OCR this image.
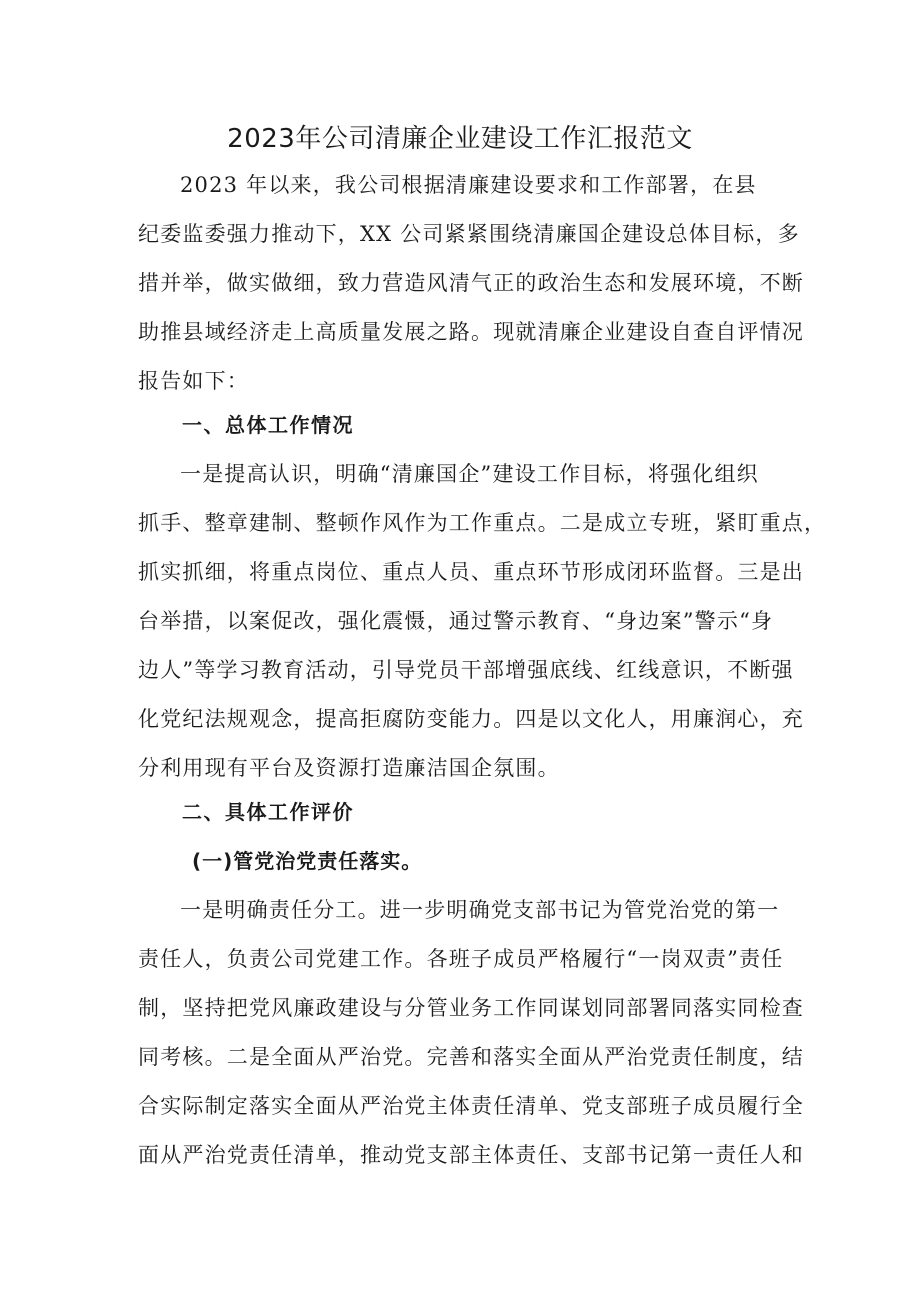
2023年公司清廉企业建设工作汇报范文
2023 年以来，我公司根据清廉建设要求和工作部署，在县
纪委监委强力推动下，XX 公司紧紧围绕清廉国企建设总体目标，多
措并举，做实做细，致力营造风清气正的政治生态和发展环境，不断
助推县域经济走上高质量发展之路。现就清廉企业建设自查自评情况
报告如下：
一、总体工作情况
一是提高认识，明确“清廉国企”建设工作目标，将强化组织
抓手、整章建制、整顿作风作为工作重点。二是成立专班，紧盯重点，
抓实抓细，将重点岗位、重点人员、重点环节形成闭环监督。三是出
台举措，以案促改，强化震慑，通过警示教育、“身边案”警示“身
边人”等学习教育活动，引导党员干部增强底线、红线意识，不断强
化党纪法规观念，提高拒腐防变能力。四是以文化人，用廉润心，充
分利用现有平台及资源打造廉洁国企氛围。
二、具体工作评价
(一)管党治党责任落实。
一是明确责任分工。进一步明确党支部书记为管党治党的第一
责任人，负责公司党建工作。各班子成员严格履行“一岗双责”责任
制，坚持把党风廉政建设与分管业务工作同谋划同部署同落实同检查
同考核。二是全面从严治党。完善和落实全面从严治党责任制度，结
合实际制定落实全面从严治党主体责任清单、党支部班子成员履行全
面从严治党责任清单，推动党支部主体责任、支部书记第一责任人和
